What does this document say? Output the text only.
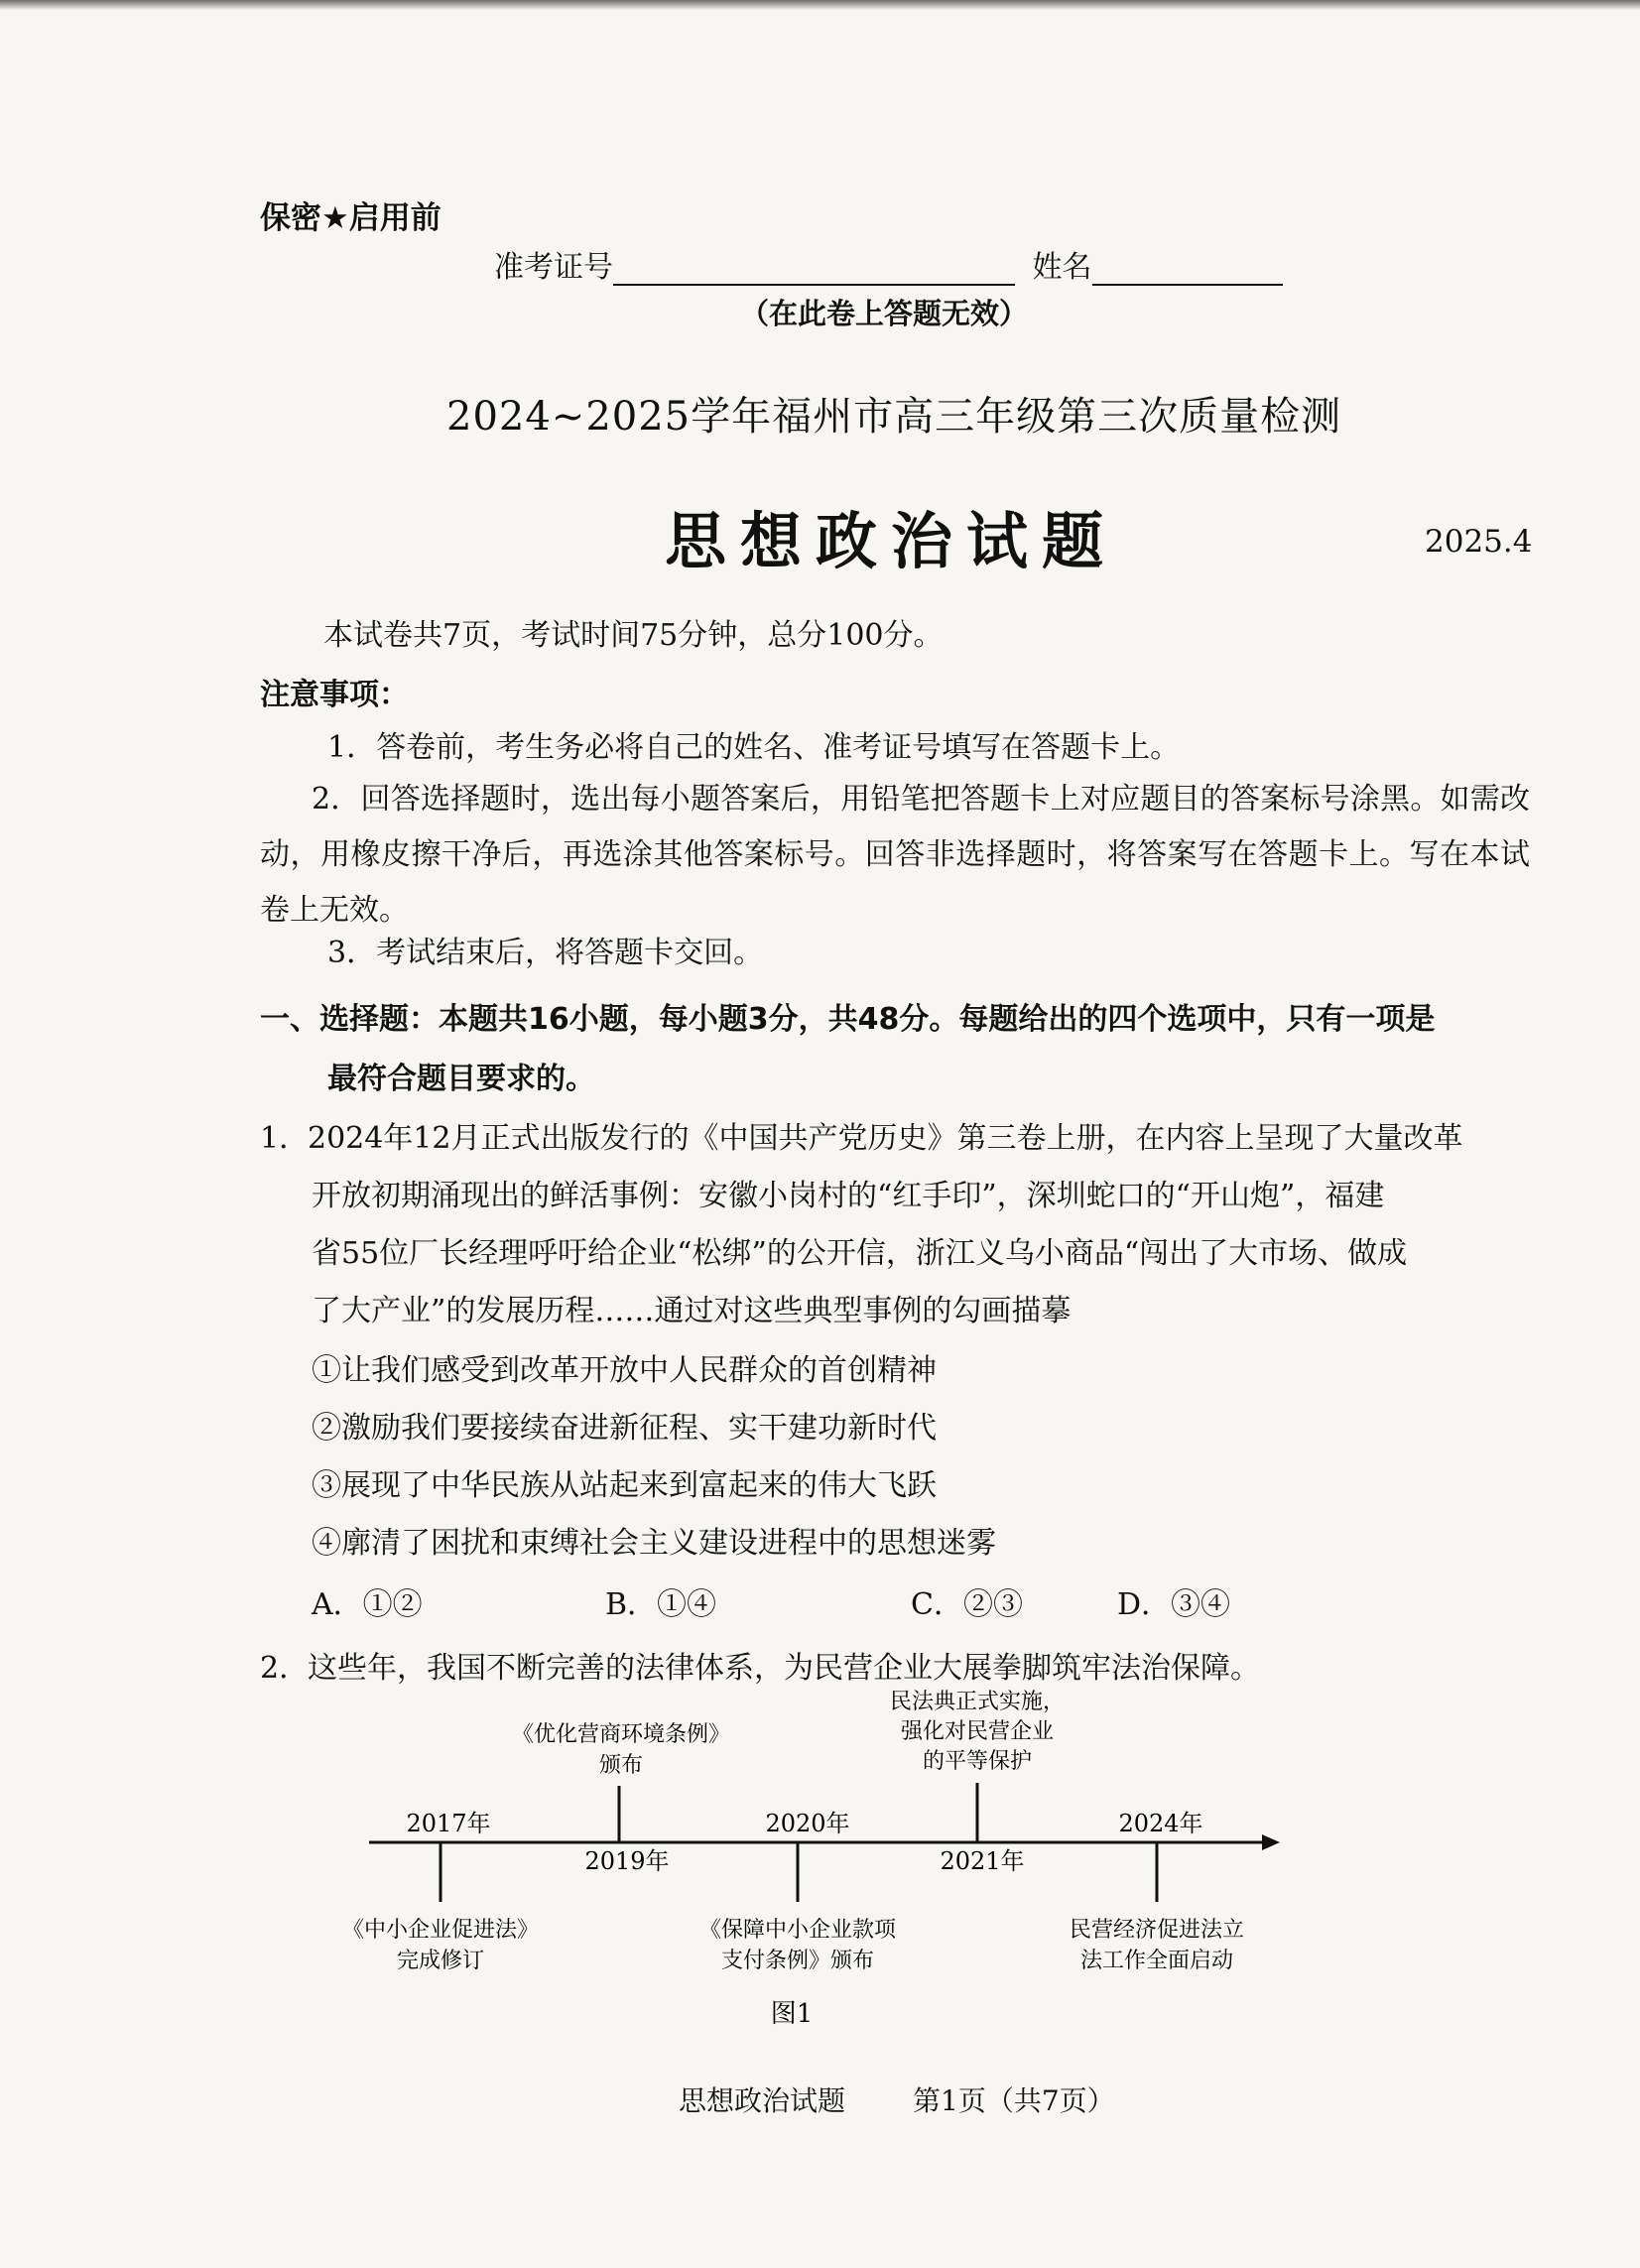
保密★启用前
准考证号	姓名
（在此卷上答题无效）
2024~2025学年福州市高三年级第三次质量检测
思想政治试题	2025.4
本试卷共7页，考试时间75分钟，总分100分。
注意事项：
1．答卷前，考生务必将自己的姓名、准考证号填写在答题卡上。
2．回答选择题时，选出每小题答案后，用铅笔把答题卡上对应题目的答案标号涂黑。如需改动，用橡皮擦干净后，再选涂其他答案标号。回答非选择题时，将答案写在答题卡上。写在本试卷上无效。
3．考试结束后，将答题卡交回。
一、选择题：本题共16小题，每小题3分，共48分。每题给出的四个选项中，只有一项是
最符合题目要求的。
1．
2024年12月正式出版发行的《中国共产党历史》第三卷上册，在内容上呈现了大量改革
开放初期涌现出的鲜活事例：安徽小岗村的“红手印”，深圳蛇口的“开山炮”，福建
省55位厂长经理呼吁给企业“松绑”的公开信，浙江义乌小商品“闯出了大市场、做成
了大产业”的发展历程……通过对这些典型事例的勾画描摹
①让我们感受到改革开放中人民群众的首创精神
②激励我们要接续奋进新征程、实干建功新时代
③展现了中华民族从站起来到富起来的伟大飞跃
④廓清了困扰和束缚社会主义建设进程中的思想迷雾
A．①②	B．①④	C．②③	D．③④
2．
这些年，我国不断完善的法律体系，为民营企业大展拳脚筑牢法治保障。
2017年
2019年
2020年
2021年
2024年
《优化营商环境条例》
颁布
民法典正式实施，
强化对民营企业
的平等保护
《中小企业促进法》
完成修订
《保障中小企业款项
支付条例》颁布
民营经济促进法立
法工作全面启动
图1
思想政治试题 第1页（共7页）
